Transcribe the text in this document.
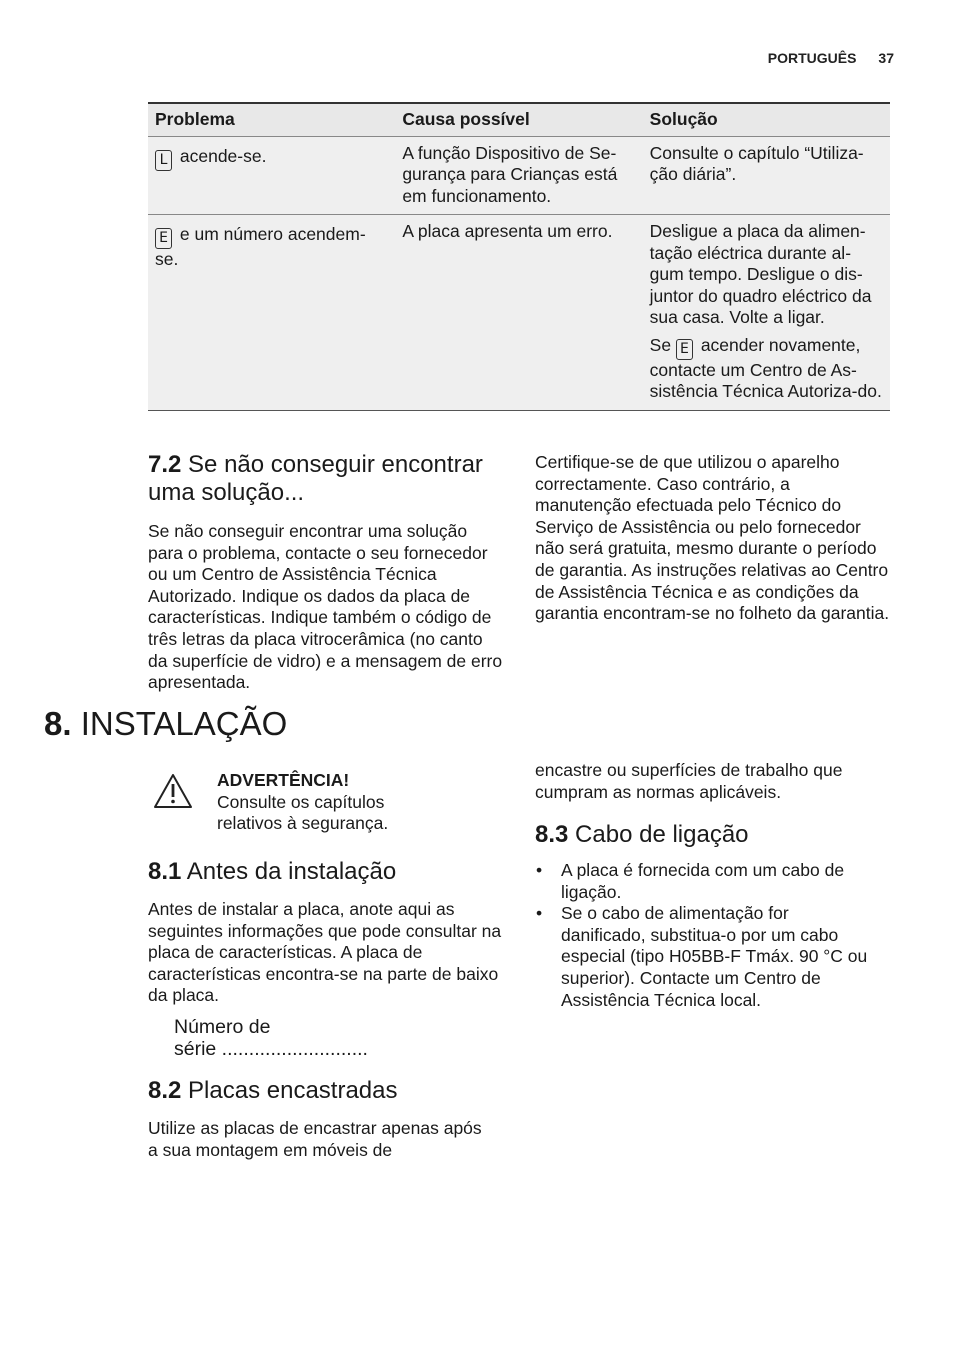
PORTUGUÊS 37
Problema	Causa possível	Solução
L acende-se.	A função Dispositivo de Se-gurança para Crianças está em funcionamento.	Consulte o capítulo “Utiliza-ção diária”.
E e um número acendem-se.	A placa apresenta um erro.	Desligue a placa da alimen-tação eléctrica durante al-gum tempo. Desligue o dis-juntor do quadro eléctrico da sua casa. Volte a ligar.

Se E acender novamente, contacte um Centro de As-sistência Técnica Autoriza-do.

7.2 Se não conseguir encontrar uma solução...
Se não conseguir encontrar uma solução para o problema, contacte o seu fornecedor ou um Centro de Assistência Técnica Autorizado. Indique os dados da placa de características. Indique também o código de três letras da placa vitrocerâmica (no canto da superfície de vidro) e a mensagem de erro apresentada.
Certifique-se de que utilizou o aparelho correctamente. Caso contrário, a manutenção efectuada pelo Técnico do Serviço de Assistência ou pelo fornecedor não será gratuita, mesmo durante o período de garantia. As instruções relativas ao Centro de Assistência Técnica e as condições da garantia encontram-se no folheto da garantia.
8. INSTALAÇÃO
ADVERTÊNCIA!
Consulte os capítulos relativos à segurança.
8.1 Antes da instalação
Antes de instalar a placa, anote aqui as seguintes informações que pode consultar na placa de características. A placa de características encontra-se na parte de baixo da placa.
Número de
série ...........................
8.2 Placas encastradas
Utilize as placas de encastrar apenas após a sua montagem em móveis de
encastre ou superfícies de trabalho que cumpram as normas aplicáveis.
8.3 Cabo de ligação
• A placa é fornecida com um cabo de ligação.
• Se o cabo de alimentação for danificado, substitua-o por um cabo especial (tipo H05BB-F Tmáx. 90 °C ou superior). Contacte um Centro de Assistência Técnica local.
